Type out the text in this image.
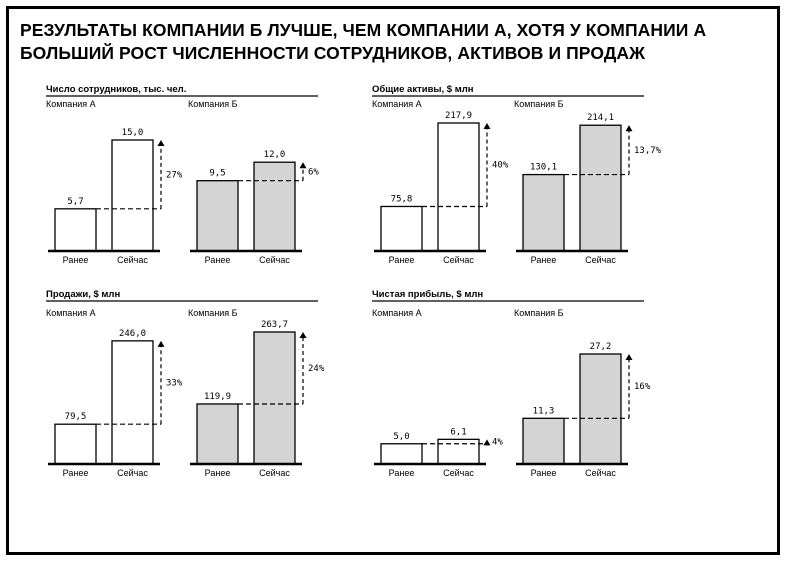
РЕЗУЛЬТАТЫ КОМПАНИИ Б ЛУЧШЕ, ЧЕМ КОМПАНИИ А, ХОТЯ У КОМПАНИИ А
БОЛЬШИЙ РОСТ ЧИСЛЕННОСТИ СОТРУДНИКОВ, АКТИВОВ И ПРОДАЖ
Число сотрудников, тыс. чел.
Компания А
5,7
Ранее
15,0
Сейчас
27%
Компания Б
9,5
Ранее
12,0
Сейчас
6%
Общие активы, $ млн
Компания А
75,8
Ранее
217,9
Сейчас
40%
Компания Б
130,1
Ранее
214,1
Сейчас
13,7%
Продажи, $ млн
Компания А
79,5
Ранее
246,0
Сейчас
33%
Компания Б
119,9
Ранее
263,7
Сейчас
24%
Чистая прибыль, $ млн
Компания А
5,0
Ранее
6,1
Сейчас
4%
Компания Б
11,3
Ранее
27,2
Сейчас
16%
